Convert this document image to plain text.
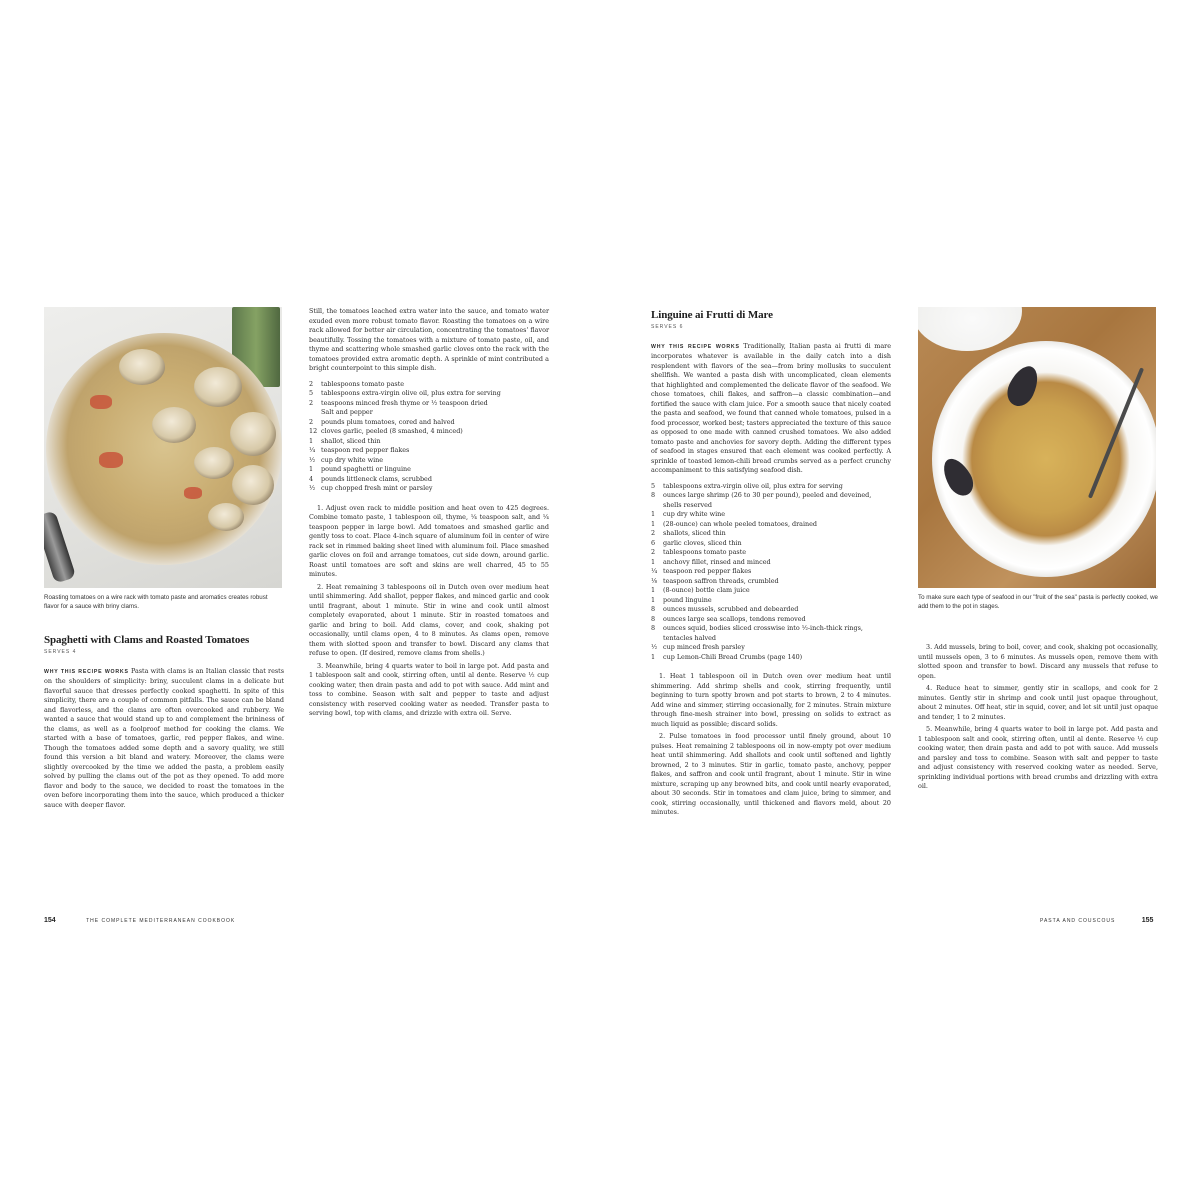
Roasting tomatoes on a wire rack with tomato paste and aromatics creates robust flavor for a sauce with briny clams.
Spaghetti with Clams and Roasted Tomatoes
SERVES 4

WHY THIS RECIPE WORKS Pasta with clams is an Italian classic that rests on the shoulders of simplicity: briny, succulent clams in a delicate but flavorful sauce that dresses perfectly cooked spaghetti. In spite of this simplicity, there are a couple of common pitfalls. The sauce can be bland and flavorless, and the clams are often overcooked and rubbery. We wanted a sauce that would stand up to and complement the brininess of the clams, as well as a foolproof method for cooking the clams. We started with a base of tomatoes, garlic, red pepper flakes, and wine. Though the tomatoes added some depth and a savory quality, we still found this version a bit bland and watery. Moreover, the clams were slightly overcooked by the time we added the pasta, a problem easily solved by pulling the clams out of the pot as they opened. To add more flavor and body to the sauce, we decided to roast the tomatoes in the oven before incorporating them into the sauce, which produced a thicker sauce with deeper flavor.

Still, the tomatoes leached extra water into the sauce, and tomato water exuded even more robust tomato flavor. Roasting the tomatoes on a wire rack allowed for better air circulation, concentrating the tomatoes' flavor beautifully. Tossing the tomatoes with a mixture of tomato paste, oil, and thyme and scattering whole smashed garlic cloves onto the rack with the tomatoes provided extra aromatic depth. A sprinkle of mint contributed a bright counterpoint to this simple dish.

2 tablespoons tomato paste
5 tablespoons extra-virgin olive oil, plus extra for serving
2 teaspoons minced fresh thyme or ½ teaspoon dried
Salt and pepper
2 pounds plum tomatoes, cored and halved
12 cloves garlic, peeled (8 smashed, 4 minced)
1 shallot, sliced thin
¼ teaspoon red pepper flakes
½ cup dry white wine
1 pound spaghetti or linguine
4 pounds littleneck clams, scrubbed
½ cup chopped fresh mint or parsley

1. Adjust oven rack to middle position and heat oven to 425 degrees. Combine tomato paste, 1 tablespoon oil, thyme, ¼ teaspoon salt, and ¼ teaspoon pepper in large bowl. Add tomatoes and smashed garlic and gently toss to coat. Place 4-inch square of aluminum foil in center of wire rack set in rimmed baking sheet lined with aluminum foil. Place smashed garlic cloves on foil and arrange tomatoes, cut side down, around garlic. Roast until tomatoes are soft and skins are well charred, 45 to 55 minutes.

2. Heat remaining 3 tablespoons oil in Dutch oven over medium heat until shimmering. Add shallot, pepper flakes, and minced garlic and cook until fragrant, about 1 minute. Stir in wine and cook until almost completely evaporated, about 1 minute. Stir in roasted tomatoes and garlic and bring to boil. Add clams, cover, and cook, shaking pot occasionally, until clams open, 4 to 8 minutes. As clams open, remove them with slotted spoon and transfer to bowl. Discard any clams that refuse to open. (If desired, remove clams from shells.)

3. Meanwhile, bring 4 quarts water to boil in large pot. Add pasta and 1 tablespoon salt and cook, stirring often, until al dente. Reserve ½ cup cooking water, then drain pasta and add to pot with sauce. Add mint and toss to combine. Season with salt and pepper to taste and adjust consistency with reserved cooking water as needed. Transfer pasta to serving bowl, top with clams, and drizzle with extra oil. Serve.

154	THE COMPLETE MEDITERRANEAN COOKBOOK
Linguine ai Frutti di Mare
SERVES 6

WHY THIS RECIPE WORKS Traditionally, Italian pasta ai frutti di mare incorporates whatever is available in the daily catch into a dish resplendent with flavors of the sea—from briny mollusks to succulent shellfish. We wanted a pasta dish with uncomplicated, clean elements that highlighted and complemented the delicate flavor of the seafood. We chose tomatoes, chili flakes, and saffron—a classic combination—and fortified the sauce with clam juice. For a smooth sauce that nicely coated the pasta and seafood, we found that canned whole tomatoes, pulsed in a food processor, worked best; tasters appreciated the texture of this sauce as opposed to one made with canned crushed tomatoes. We also added tomato paste and anchovies for savory depth. Adding the different types of seafood in stages ensured that each element was cooked perfectly. A sprinkle of toasted lemon-chili bread crumbs served as a perfect crunchy accompaniment to this satisfying seafood dish.

5 tablespoons extra-virgin olive oil, plus extra for serving
8 ounces large shrimp (26 to 30 per pound), peeled and deveined, shells reserved
1 cup dry white wine
1 (28-ounce) can whole peeled tomatoes, drained
2 shallots, sliced thin
6 garlic cloves, sliced thin
2 tablespoons tomato paste
1 anchovy fillet, rinsed and minced
¼ teaspoon red pepper flakes
⅛ teaspoon saffron threads, crumbled
1 (8-ounce) bottle clam juice
1 pound linguine
8 ounces mussels, scrubbed and debearded
8 ounces large sea scallops, tendons removed
8 ounces squid, bodies sliced crosswise into ½-inch-thick rings, tentacles halved
½ cup minced fresh parsley
1 cup Lemon-Chili Bread Crumbs (page 140)

1. Heat 1 tablespoon oil in Dutch oven over medium heat until shimmering. Add shrimp shells and cook, stirring frequently, until beginning to turn spotty brown and pot starts to brown, 2 to 4 minutes. Add wine and simmer, stirring occasionally, for 2 minutes. Strain mixture through fine-mesh strainer into bowl, pressing on solids to extract as much liquid as possible; discard solids.

2. Pulse tomatoes in food processor until finely ground, about 10 pulses. Heat remaining 2 tablespoons oil in now-empty pot over medium heat until shimmering. Add shallots and cook until softened and lightly browned, 2 to 3 minutes. Stir in garlic, tomato paste, anchovy, pepper flakes, and saffron and cook until fragrant, about 1 minute. Stir in wine mixture, scraping up any browned bits, and cook until nearly evaporated, about 30 seconds. Stir in tomatoes and clam juice, bring to simmer, and cook, stirring occasionally, until thickened and flavors meld, about 20 minutes.

To make sure each type of seafood in our "fruit of the sea" pasta is perfectly cooked, we add them to the pot in stages.

3. Add mussels, bring to boil, cover, and cook, shaking pot occasionally, until mussels open, 3 to 6 minutes. As mussels open, remove them with slotted spoon and transfer to bowl. Discard any mussels that refuse to open.

4. Reduce heat to simmer, gently stir in scallops, and cook for 2 minutes. Gently stir in shrimp and cook until just opaque throughout, about 2 minutes. Off heat, stir in squid, cover, and let sit until just opaque and tender, 1 to 2 minutes.

5. Meanwhile, bring 4 quarts water to boil in large pot. Add pasta and 1 tablespoon salt and cook, stirring often, until al dente. Reserve ½ cup cooking water, then drain pasta and add to pot with sauce. Add mussels and parsley and toss to combine. Season with salt and pepper to taste and adjust consistency with reserved cooking water as needed. Serve, sprinkling individual portions with bread crumbs and drizzling with extra oil.

PASTA AND COUSCOUS	155
